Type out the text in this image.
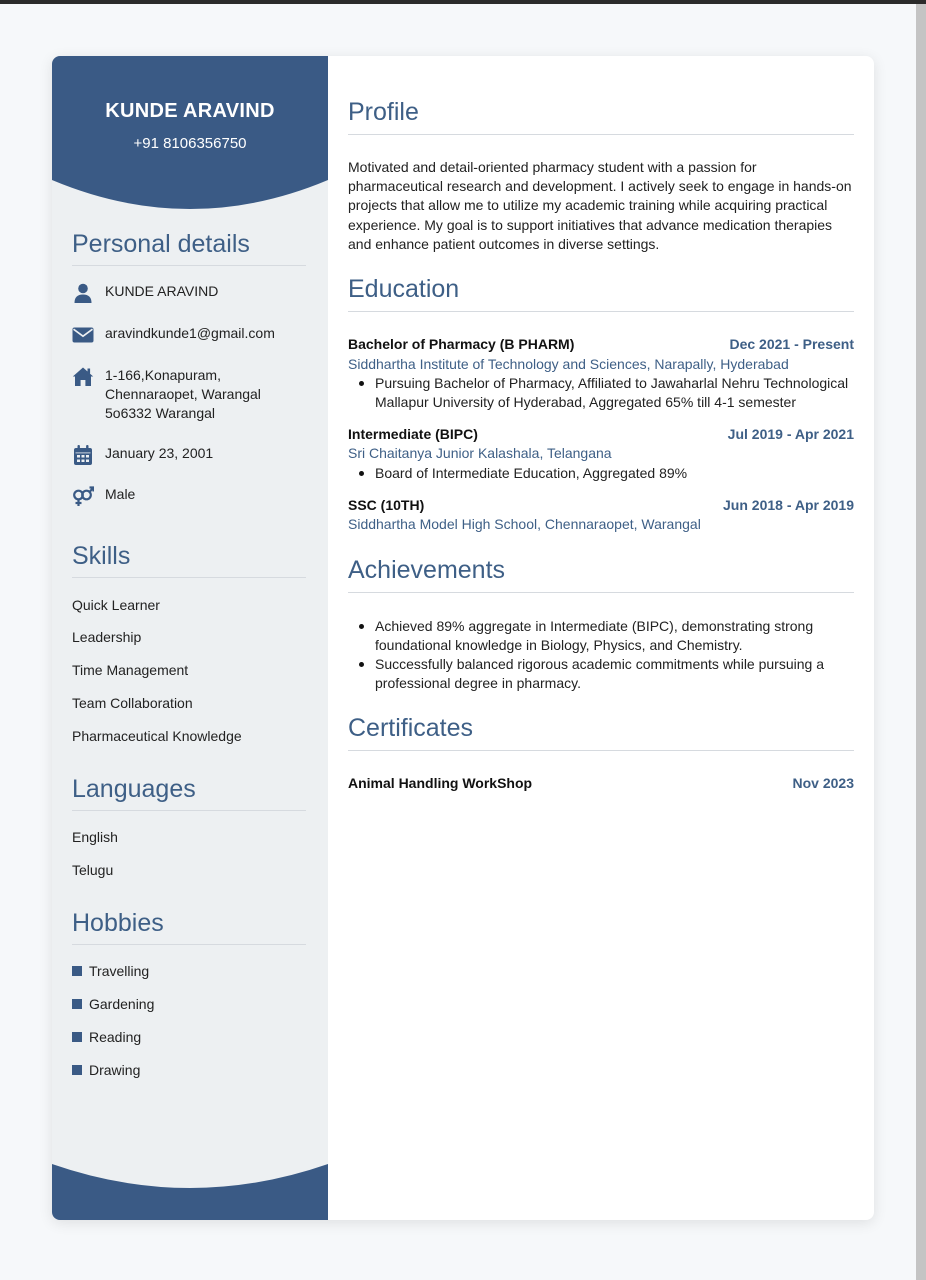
KUNDE ARAVIND
+91 8106356750
Personal details
KUNDE ARAVIND
aravindkunde1@gmail.com
1-166,Konapuram, Chennaraopet, Warangal 5o6332 Warangal
January 23, 2001
Male
Skills
Quick Learner
Leadership
Time Management
Team Collaboration
Pharmaceutical Knowledge
Languages
English
Telugu
Hobbies
Travelling
Gardening
Reading
Drawing
Profile
Motivated and detail-oriented pharmacy student with a passion for pharmaceutical research and development. I actively seek to engage in hands-on projects that allow me to utilize my academic training while acquiring practical experience. My goal is to support initiatives that advance medication therapies and enhance patient outcomes in diverse settings.
Education
Bachelor of Pharmacy (B PHARM)	Dec 2021 - Present
Siddhartha Institute of Technology and Sciences, Narapally, Hyderabad
Pursuing Bachelor of Pharmacy, Affiliated to Jawaharlal Nehru Technological Mallapur University of Hyderabad, Aggregated 65% till 4-1 semester
Intermediate (BIPC)	Jul 2019 - Apr 2021
Sri Chaitanya Junior Kalashala, Telangana
Board of Intermediate Education, Aggregated 89%
SSC (10TH)	Jun 2018 - Apr 2019
Siddhartha Model High School, Chennaraopet, Warangal
Achievements
Achieved 89% aggregate in Intermediate (BIPC), demonstrating strong foundational knowledge in Biology, Physics, and Chemistry.
Successfully balanced rigorous academic commitments while pursuing a professional degree in pharmacy.
Certificates
Animal Handling WorkShop	Nov 2023
